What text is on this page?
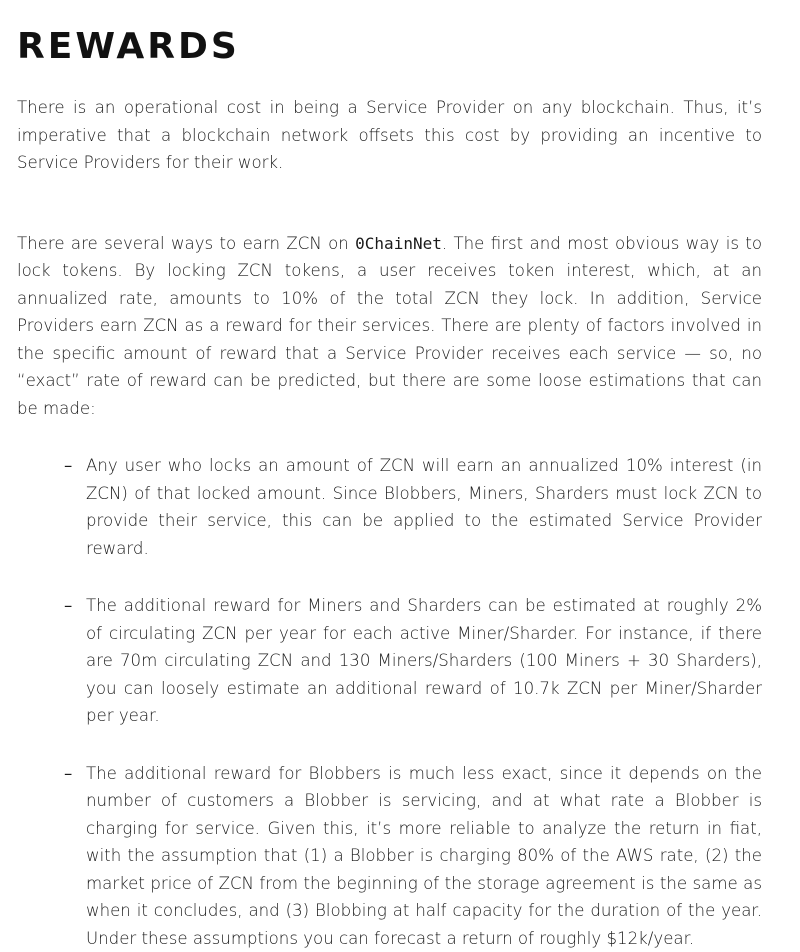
REWARDS

There is an operational cost in being a Service Provider on any blockchain. Thus, it’s imperative that a blockchain network offsets this cost by providing an incentive to Service Providers for their work.

There are several ways to earn ZCN on 0ChainNet. The first and most obvious way is to lock tokens. By locking ZCN tokens, a user receives token interest, which, at an annualized rate, amounts to 10% of the total ZCN they lock. In addition, Service Providers earn ZCN as a reward for their services. There are plenty of factors involved in the specific amount of reward that a Service Provider receives each service — so, no “exact” rate of reward can be predicted, but there are some loose estimations that can be made:

– Any user who locks an amount of ZCN will earn an annualized 10% interest (in ZCN) of that locked amount. Since Blobbers, Miners, Sharders must lock ZCN to provide their service, this can be applied to the estimated Service Provider reward.

– The additional reward for Miners and Sharders can be estimated at roughly 2% of circulating ZCN per year for each active Miner/Sharder. For instance, if there are 70m circulating ZCN and 130 Miners/Sharders (100 Miners + 30 Sharders), you can loosely estimate an additional reward of 10.7k ZCN per Miner/Sharder per year.

– The additional reward for Blobbers is much less exact, since it depends on the number of customers a Blobber is servicing, and at what rate a Blobber is charging for service. Given this, it’s more reliable to analyze the return in fiat, with the assumption that (1) a Blobber is charging 80% of the AWS rate, (2) the market price of ZCN from the beginning of the storage agreement is the same as when it concludes, and (3) Blobbing at half capacity for the duration of the year. Under these assumptions you can forecast a return of roughly $12k/year.
